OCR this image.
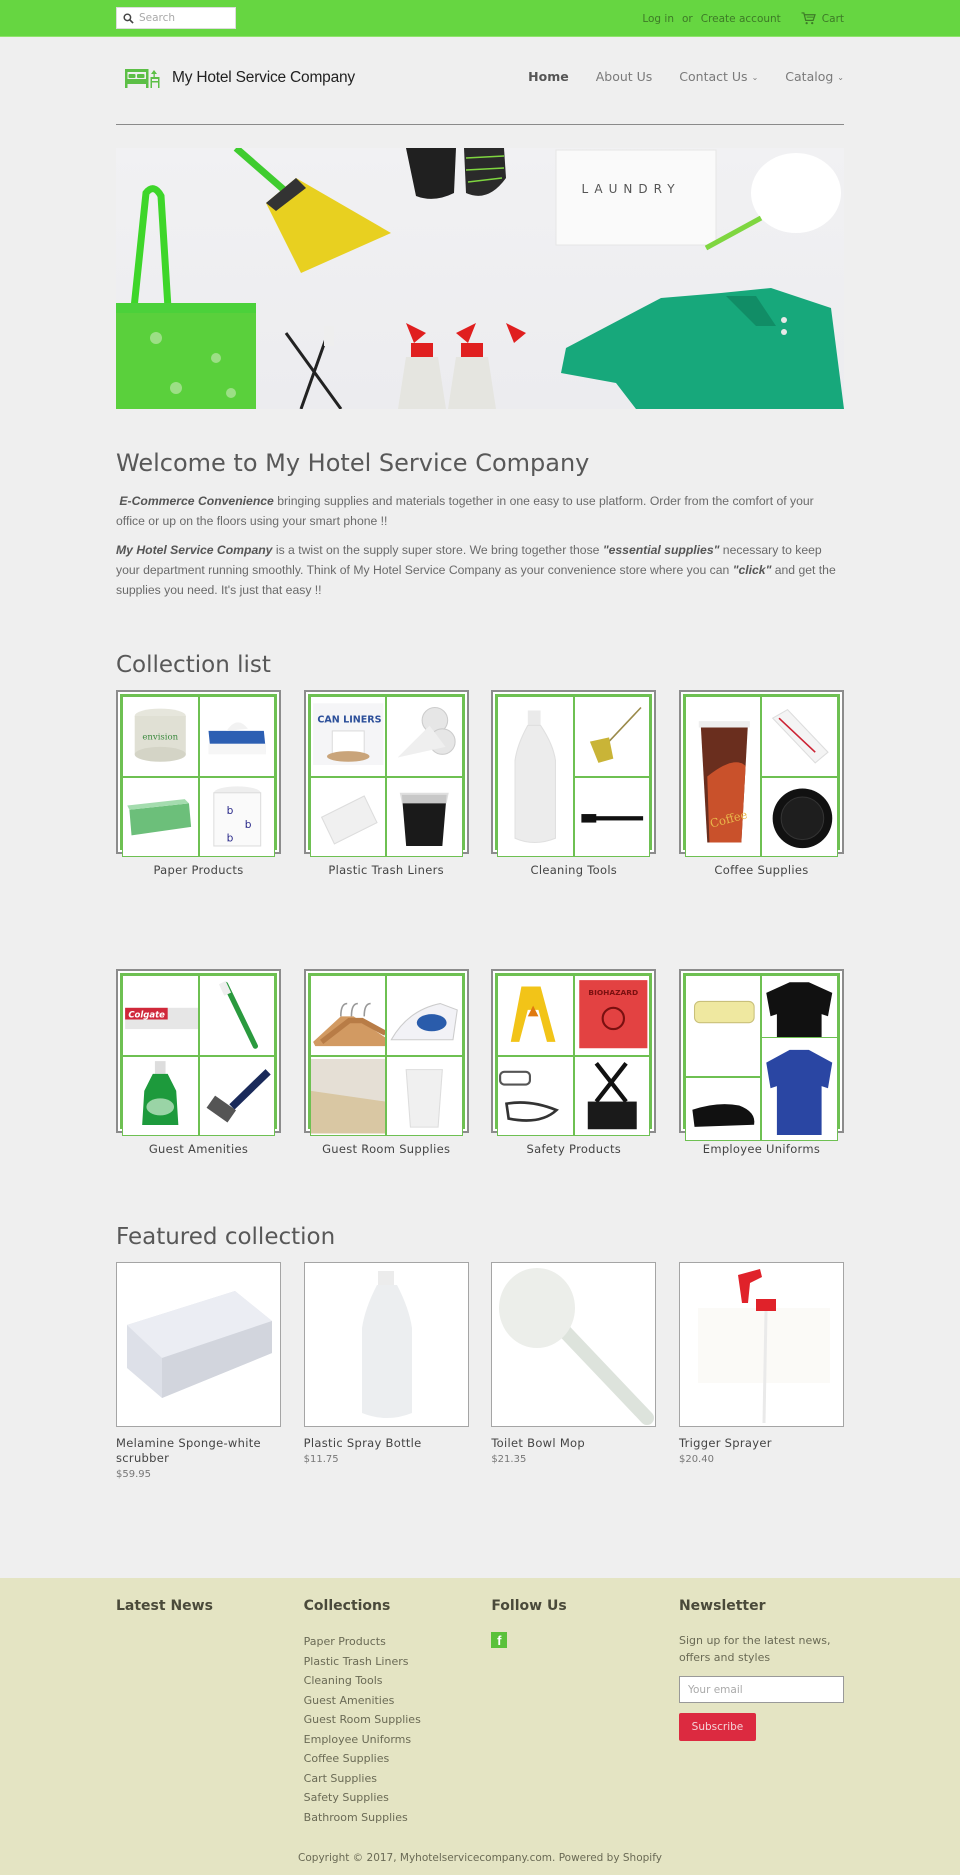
Search
Log in or Create account	Cart
My Hotel Service Company	Home About Us Contact Us ⌄ Catalog ⌄
LAUNDRY
Welcome to My Hotel Service Company

E-Commerce Convenience bringing supplies and materials together in one easy to use platform. Order from the comfort of your office or up on the floors using your smart phone !!

My Hotel Service Company is a twist on the supply super store. We bring together those "essential supplies" necessary to keep your department running smoothly. Think of My Hotel Service Company as your convenience store where you can "click" and get the supplies you need. It's just that easy !!

Collection list
envision
b
b
b
Paper Products
CAN LINERS
Plastic Trash Liners	Cleaning Tools
Coffee
Coffee Supplies
Colgate
Guest Amenities	Guest Room Supplies
BIOHAZARD
Safety Products	Employee Uniforms
Featured collection
Melamine Sponge-white scrubber
$59.95
Plastic Spray Bottle
$11.75
Toilet Bowl Mop
$21.35
Trigger Sprayer
$20.40
Latest News	Collections
Paper Products
Plastic Trash Liners
Cleaning Tools
Guest Amenities
Guest Room Supplies
Employee Uniforms
Coffee Supplies
Cart Supplies
Safety Supplies
Bathroom Supplies
Follow Us
f
Newsletter

Sign up for the latest news, offers and styles

Your email Subscribe
Copyright © 2017, Myhotelservicecompany.com. Powered by Shopify
